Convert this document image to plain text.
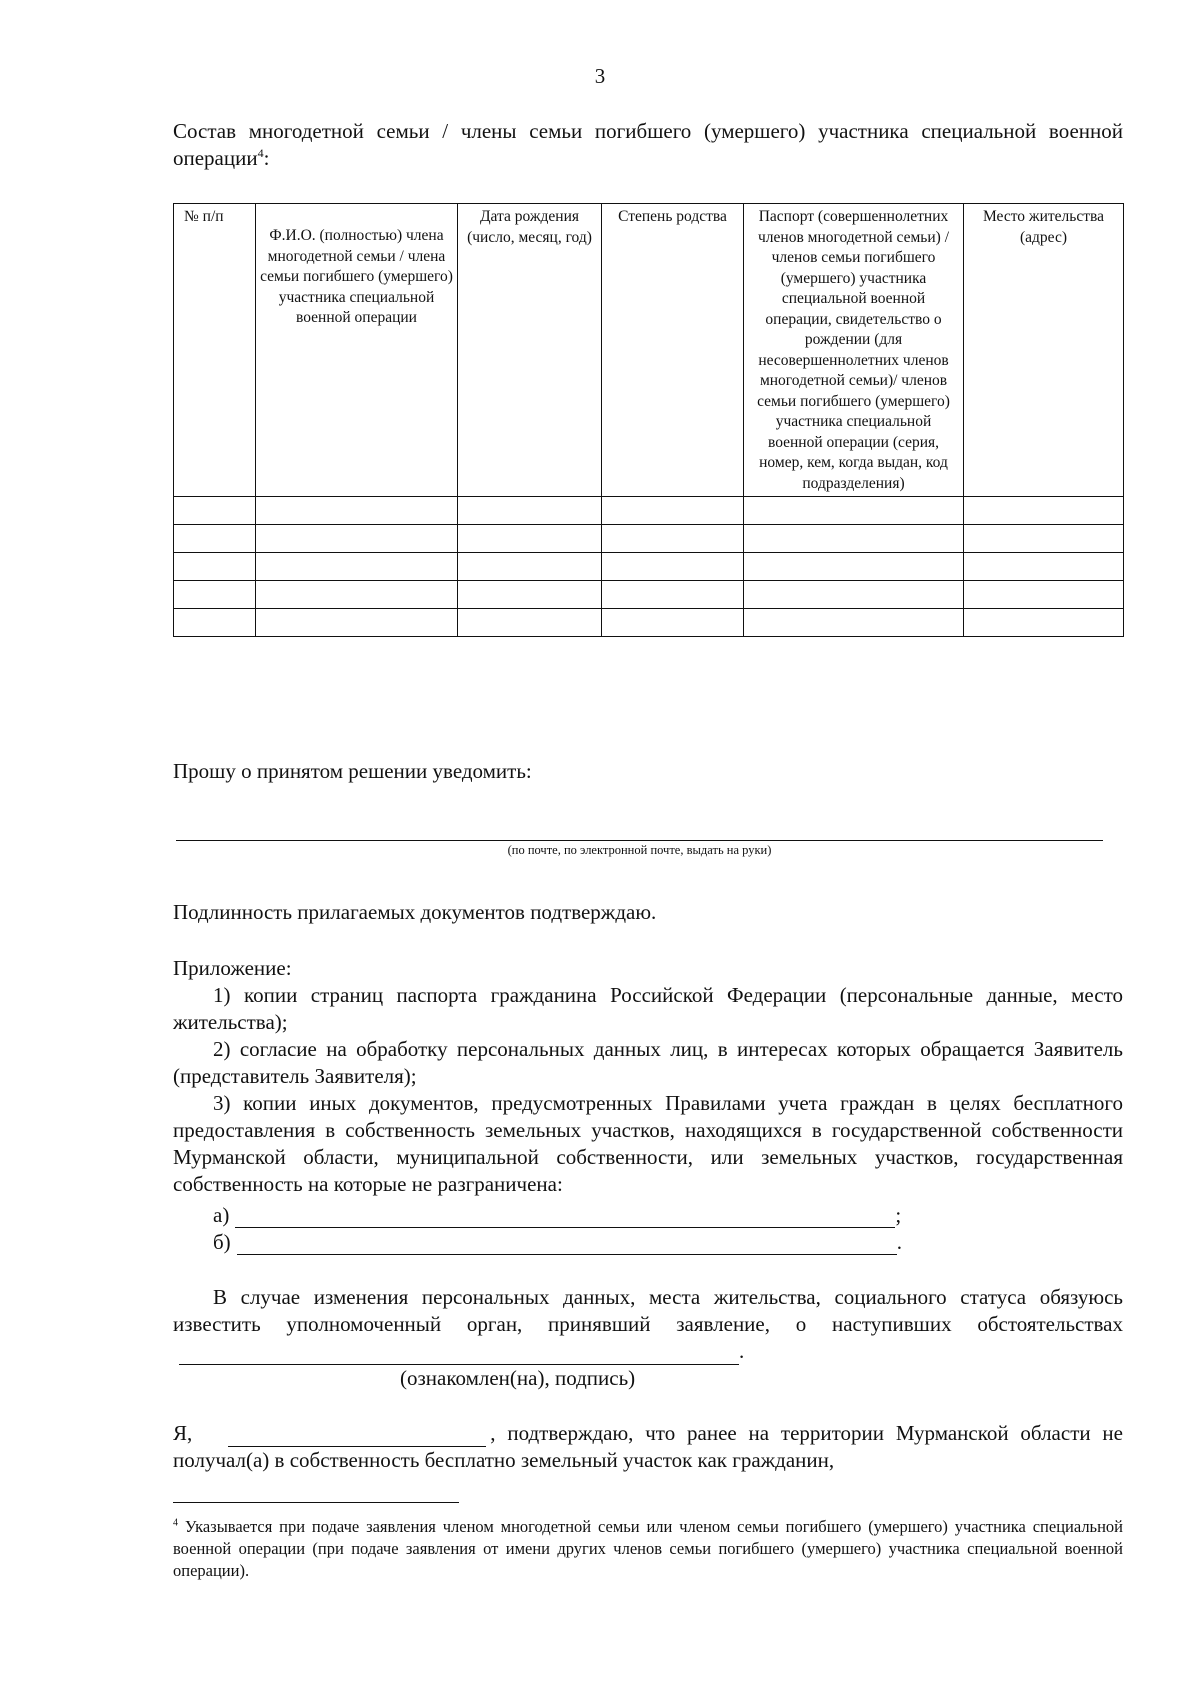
3
Состав многодетной семьи / члены семьи погибшего (умершего) участника специальной военной операции$^4$:
№ п/п	Ф.И.О. (полностью) члена многодетной семьи / члена семьи погибшего (умершего) участника специальной военной операции	Дата рождения (число, месяц, год)	Степень родства	Паспорт (совершеннолетних членов многодетной семьи) / членов семьи погибшего (умершего) участника специальной военной операции, свидетельство о рождении (для несовершеннолетних членов многодетной семьи)/ членов семьи погибшего (умершего) участника специальной военной операции (серия, номер, кем, когда выдан, код подразделения)	Место жительства (адрес)

Прошу о принятом решении уведомить:
(по почте, по электронной почте, выдать на руки)
Подлинность прилагаемых документов подтверждаю.
Приложение:
1) копии страниц паспорта гражданина Российской Федерации (персональные данные, место жительства);
2) согласие на обработку персональных данных лиц, в интересах которых обращается Заявитель (представитель Заявителя);
3) копии иных документов, предусмотренных Правилами учета граждан в целях бесплатного предоставления в собственность земельных участков, находящихся в государственной собственности Мурманской области, муниципальной собственности, или земельных участков, государственная собственность на которые не разграничена:
а)	;
б)	.
В случае изменения персональных данных, места жительства, социального статуса обязуюсь известить уполномоченный орган, принявший заявление, о наступивших обстоятельствах.
(ознакомлен(на), подпись)
Я,	, подтверждаю, что ранее на территории Мурманской области не получал(а) в собственность бесплатно земельный участок как гражданин,
$^4$ Указывается при подаче заявления членом многодетной семьи или членом семьи погибшего (умершего) участника специальной военной операции (при подаче заявления от имени других членов семьи погибшего (умершего) участника специальной военной операции).
